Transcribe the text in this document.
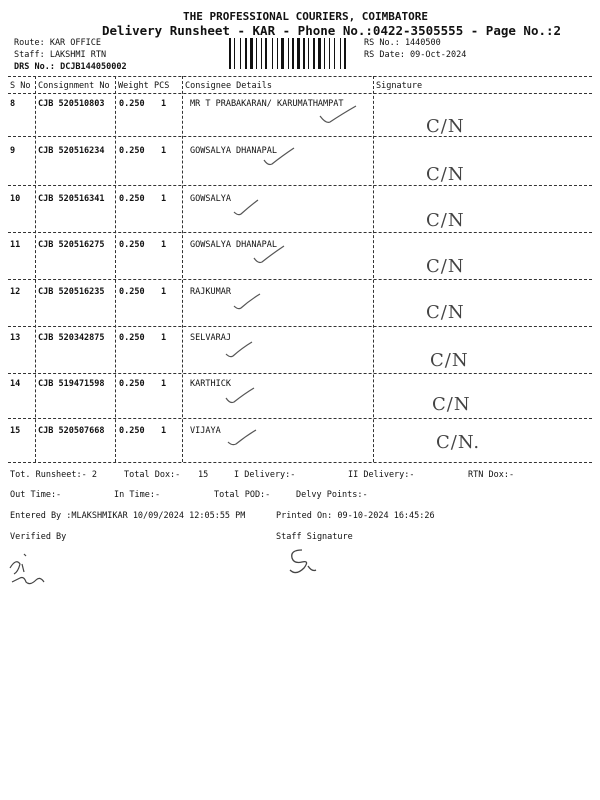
THE PROFESSIONAL COURIERS, COIMBATORE
Delivery Runsheet - KAR - Phone No.:0422-3505555 - Page No.:2
Route: KAR OFFICE
Staff: LAKSHMI RTN
DRS No.: DCJB144050002
RS No.: 1440500
RS Date: 09-Oct-2024
S No Consignment No Weight PCS Consignee Details	Signature
8	CJB 520510803 0.250 1	MR T PRABAKARAN/ KARUMATHAMPAT
C/N
9	CJB 520516234 0.250 1	GOWSALYA DHANAPAL
C/N
10 CJB 520516341 0.250 1	GOWSALYA
C/N
11 CJB 520516275 0.250 1	GOWSALYA DHANAPAL
C/N
12 CJB 520516235 0.250 1	RAJKUMAR
C/N
13 CJB 520342875 0.250 1	SELVARAJ
C/N
14 CJB 519471598 0.250 1	KARTHICK
C/N
15 CJB 520507668 0.250 1	VIJAYA
C/N.
Tot. Runsheet:- 2	Total Dox:- 15	I Delivery:-	II Delivery:-	RTN Dox:-
Out Time:-	In Time:-	Total POD:-	Delvy Points:-
Entered By :MLAKSHMIKAR 10/09/2024 12:05:55 PM	Printed On: 09-10-2024 16:45:26
Verified By	Staff Signature
